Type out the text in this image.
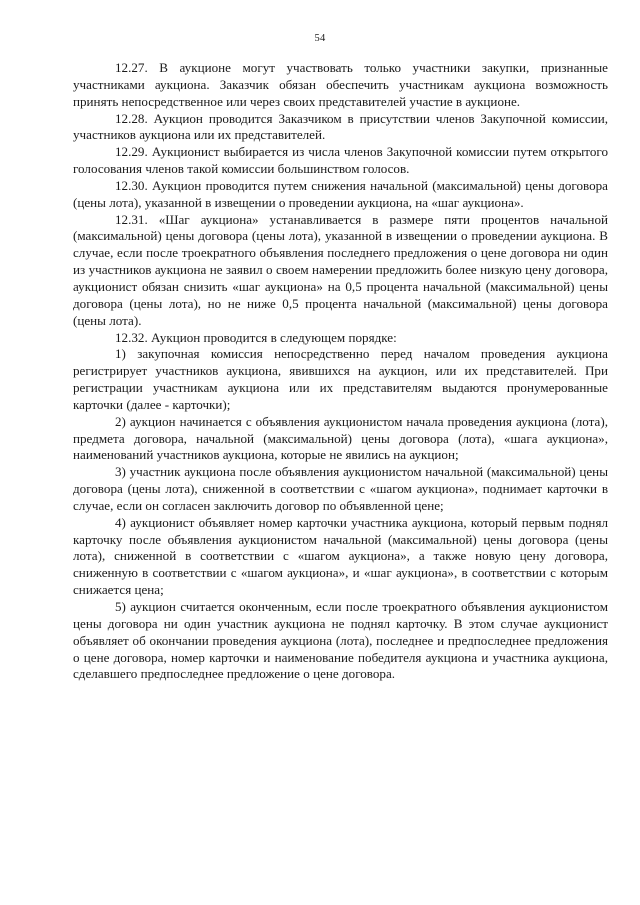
54

12.27. В аукционе могут участвовать только участники закупки, признанные участниками аукциона. Заказчик обязан обеспечить участникам аукциона возможность принять непосредственное или через своих представителей участие в аукционе.

12.28. Аукцион проводится Заказчиком в присутствии членов Закупочной комиссии, участников аукциона или их представителей.

12.29. Аукционист выбирается из числа членов Закупочной комиссии путем открытого голосования членов такой комиссии большинством голосов.

12.30. Аукцион проводится путем снижения начальной (максимальной) цены договора (цены лота), указанной в извещении о проведении аукциона, на «шаг аукциона».

12.31. «Шаг аукциона» устанавливается в размере пяти процентов начальной (максимальной) цены договора (цены лота), указанной в извещении о проведении аукциона. В случае, если после троекратного объявления последнего предложения о цене договора ни один из участников аукциона не заявил о своем намерении предложить более низкую цену договора, аукционист обязан снизить «шаг аукциона» на 0,5 процента начальной (максимальной) цены договора (цены лота), но не ниже 0,5 процента начальной (максимальной) цены договора (цены лота).

12.32. Аукцион проводится в следующем порядке:

1) закупочная комиссия непосредственно перед началом проведения аукциона регистрирует участников аукциона, явившихся на аукцион, или их представителей. При регистрации участникам аукциона или их представителям выдаются пронумерованные карточки (далее - карточки);

2) аукцион начинается с объявления аукционистом начала проведения аукциона (лота), предмета договора, начальной (максимальной) цены договора (лота), «шага аукциона», наименований участников аукциона, которые не явились на аукцион;

3) участник аукциона после объявления аукционистом начальной (максимальной) цены договора (цены лота), сниженной в соответствии с «шагом аукциона», поднимает карточки в случае, если он согласен заключить договор по объявленной цене;

4) аукционист объявляет номер карточки участника аукциона, который первым поднял карточку после объявления аукционистом начальной (максимальной) цены договора (цены лота), сниженной в соответствии с «шагом аукциона», а также новую цену договора, сниженную в соответствии с «шагом аукциона», и «шаг аукциона», в соответствии с которым снижается цена;

5) аукцион считается оконченным, если после троекратного объявления аукционистом цены договора ни один участник аукциона не поднял карточку. В этом случае аукционист объявляет об окончании проведения аукциона (лота), последнее и предпоследнее предложения о цене договора, номер карточки и наименование победителя аукциона и участника аукциона, сделавшего предпоследнее предложение о цене договора.
